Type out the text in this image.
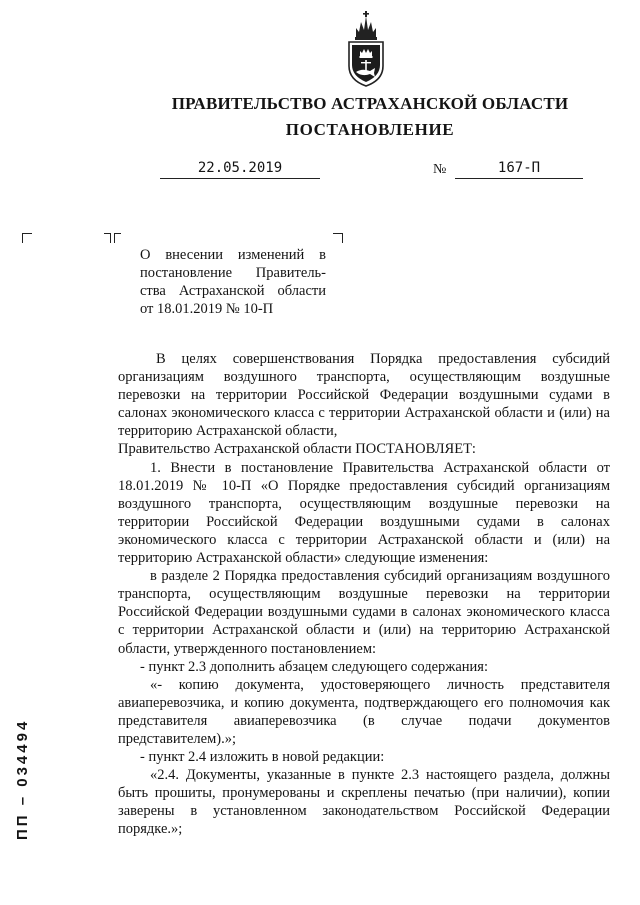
ПРАВИТЕЛЬСТВО АСТРАХАНСКОЙ ОБЛАСТИ
ПОСТАНОВЛЕНИЕ
22.05.2019	№	167-П
О внесении изменений в
постановление Правитель-
ства Астраханской области
от 18.01.2019 № 10-П

В целях совершенствования Порядка предоставления субсидий организациям воздушного транспорта, осуществляющим воздушные перевозки на территории Российской Федерации воздушными судами в салонах экономического класса с территории Астраханской области и (или) на территорию Астраханской области,

Правительство Астраханской области ПОСТАНОВЛЯЕТ:

1. Внести в постановление Правительства Астраханской области от 18.01.2019 № 10-П «О Порядке предоставления субсидий организациям воздушного транспорта, осуществляющим воздушные перевозки на территории Российской Федерации воздушными судами в салонах экономического класса с территории Астраханской области и (или) на территорию Астраханской области» следующие изменения:

в разделе 2 Порядка предоставления субсидий организациям воздушного транспорта, осуществляющим воздушные перевозки на территории Российской Федерации воздушными судами в салонах экономического класса с территории Астраханской области и (или) на территорию Астраханской области, утвержденного постановлением:

- пункт 2.3 дополнить абзацем следующего содержания:

«- копию документа, удостоверяющего личность представителя авиаперевозчика, и копию документа, подтверждающего его полномочия как представителя авиаперевозчика (в случае подачи документов представителем).»;

- пункт 2.4 изложить в новой редакции:

«2.4. Документы, указанные в пункте 2.3 настоящего раздела, должны быть прошиты, пронумерованы и скреплены печатью (при наличии), копии заверены в установленном законодательством Российской Федерации порядке.»;

ПП – 034494
